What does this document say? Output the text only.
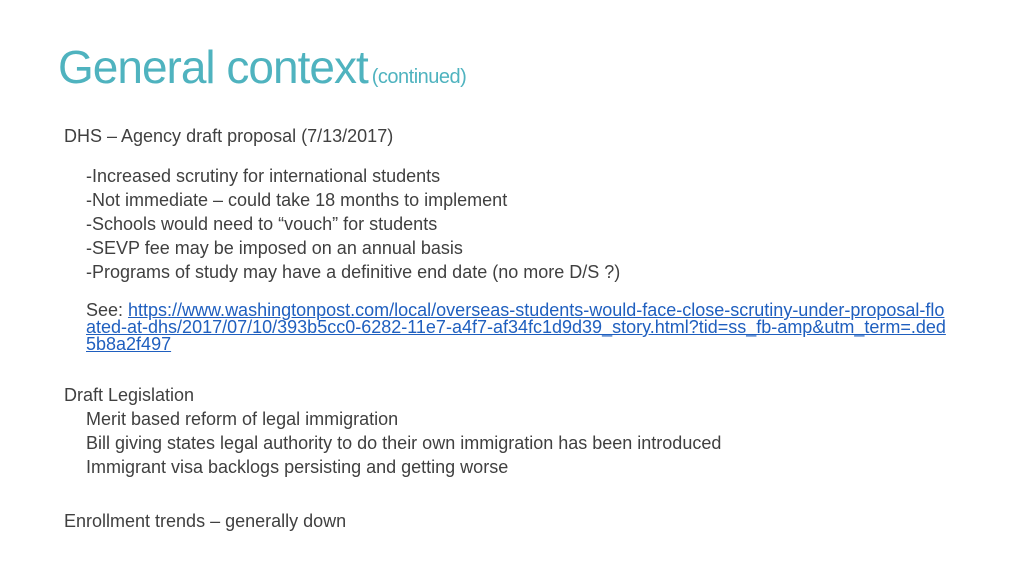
General context (continued)
DHS – Agency draft proposal (7/13/2017)
-Increased scrutiny for international students
-Not immediate – could take 18 months to implement
-Schools would need to “vouch” for students
-SEVP fee may be imposed on an annual basis
-Programs of study may have a definitive end date (no more D/S ?)
See: https://www.washingtonpost.com/local/overseas-students-would-face-close-scrutiny-under-proposal-floated-at-dhs/2017/07/10/393b5cc0-6282-11e7-a4f7-af34fc1d9d39_story.html?tid=ss_fb-amp&utm_term=.ded5b8a2f497
Draft Legislation
Merit based reform of legal immigration
Bill giving states legal authority to do their own immigration has been introduced
Immigrant visa backlogs persisting and getting worse
Enrollment trends – generally down
